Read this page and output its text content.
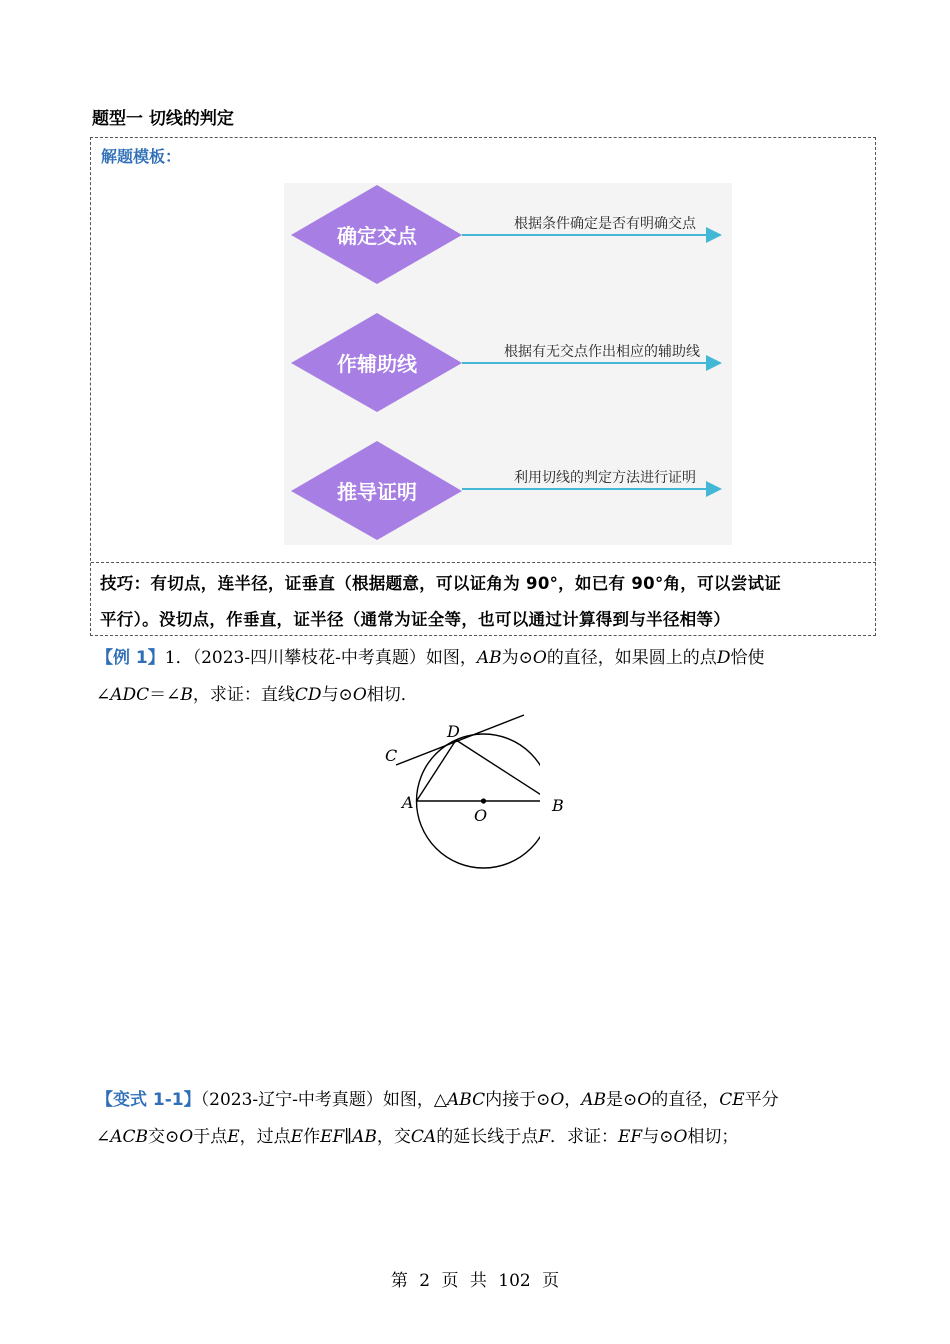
题型一 切线的判定
解题模板：
确定交点	根据条件确定是否有明确交点
作辅助线	根据有无交点作出相应的辅助线
推导证明
利用切线的判定方法进行证明
技巧：有切点，连半径，证垂直（根据题意，可以证角为 90°，如已有 90°角，可以尝试证
平行）。没切点，作垂直，证半径（通常为证全等，也可以通过计算得到与半径相等）
【例 1】1．（2023-四川攀枝花-中考真题）如图，AB为⊙O的直径，如果圆上的点D恰使
∠ADC＝∠B，求证：直线CD与⊙O相切．
D
C
A
O
B
【变式 1-1】（2023-辽宁-中考真题）如图，△ABC内接于⊙O，AB是⊙O的直径，CE平分
∠ACB交⊙O于点E，过点E作EF∥AB，交CA的延长线于点F．求证：EF与⊙O相切；
第 2 页 共 102 页
